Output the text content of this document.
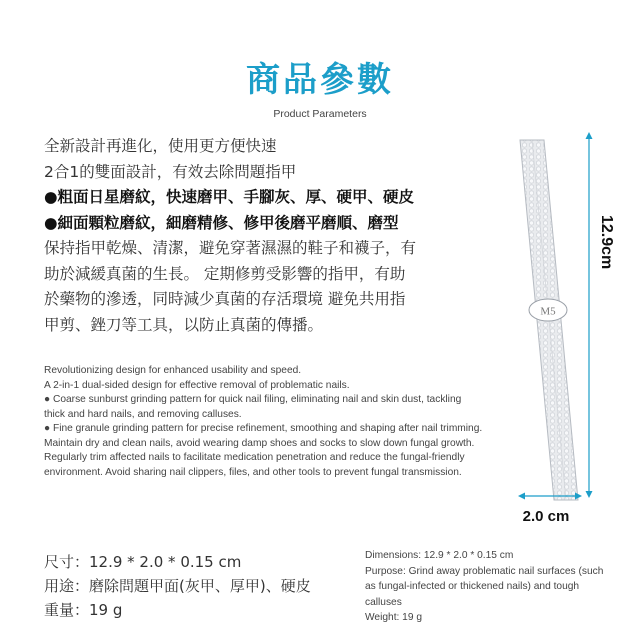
商品參數
Product Parameters
全新設計再進化，使用更方便快速
2合1的雙面設計，有效去除問題指甲
●粗面日星磨紋，快速磨甲、手腳灰、厚、硬甲、硬皮
●細面顆粒磨紋，細磨精修、修甲後磨平磨順、磨型
保持指甲乾燥、清潔，避免穿著濕濕的鞋子和襪子，有
助於減緩真菌的生長。 定期修剪受影響的指甲，有助
於藥物的滲透，同時減少真菌的存活環境 避免共用指
甲剪、銼刀等工具，以防止真菌的傳播。
Revolutionizing design for enhanced usability and speed.
A 2-in-1 dual-sided design for effective removal of problematic nails.
● Coarse sunburst grinding pattern for quick nail filing, eliminating nail and skin dust, tackling thick and hard nails, and removing calluses.
● Fine granule grinding pattern for precise refinement, smoothing and shaping after nail trimming.
Maintain dry and clean nails, avoid wearing damp shoes and socks to slow down fungal growth. Regularly trim affected nails to facilitate medication penetration and reduce the fungal-friendly environment. Avoid sharing nail clippers, files, and other tools to prevent fungal transmission.
M5
12.9cm
2.0 cm
尺寸：12.9 * 2.0 * 0.15 cm
用途：磨除問題甲面(灰甲、厚甲)、硬皮
重量：19 g
Dimensions: 12.9 * 2.0 * 0.15 cm
Purpose: Grind away problematic nail surfaces (such as fungal-infected or thickened nails) and tough calluses
Weight: 19 g
